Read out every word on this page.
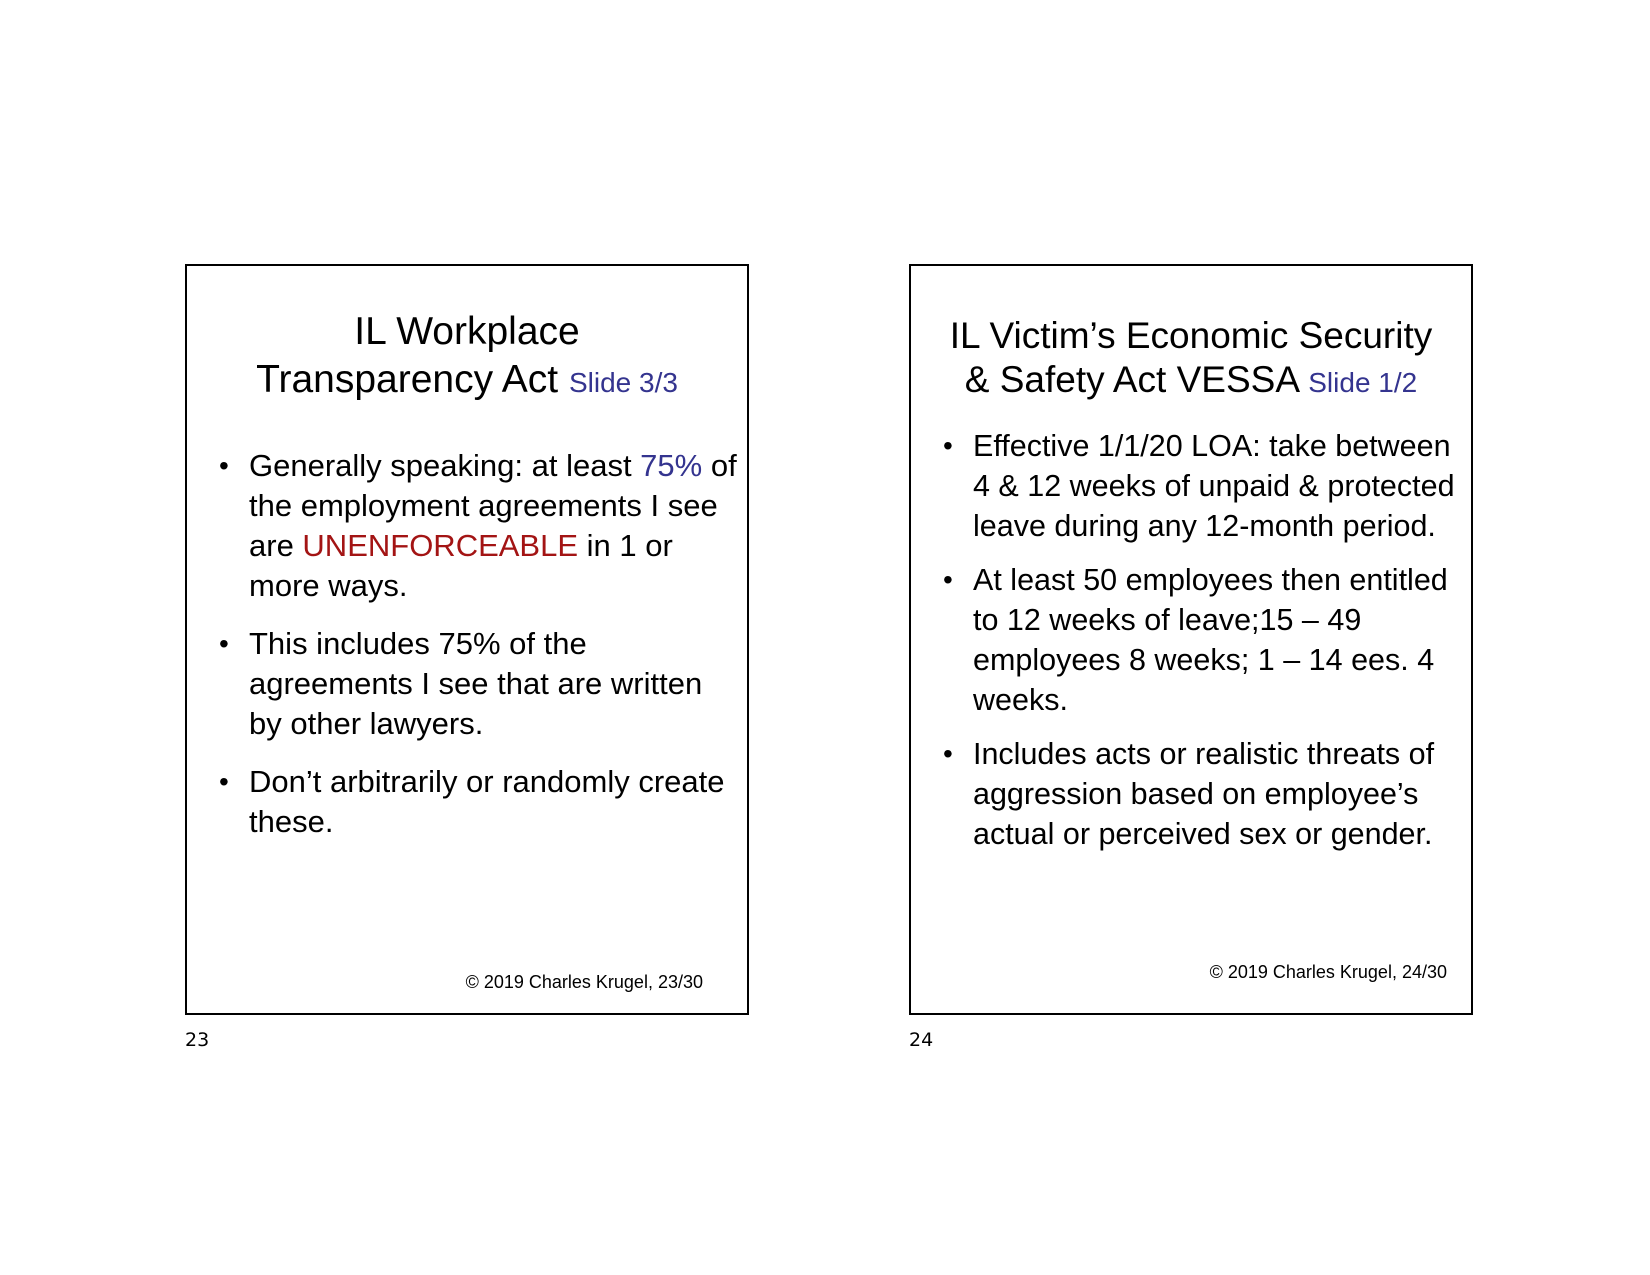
IL Workplace
Transparency Act Slide 3/3
• Generally speaking: at least 75% of the employment agreements I see are UNENFORCEABLE in 1 or more ways.
• This includes 75% of the agreements I see that are written by other lawyers.
• Don’t arbitrarily or randomly create these.
© 2019 Charles Krugel, 23/30
23
IL Victim’s Economic Security
& Safety Act VESSA Slide 1/2
• Effective 1/1/20 LOA: take between 4 & 12 weeks of unpaid & protected leave during any 12-month period.
• At least 50 employees then entitled to 12 weeks of leave;15 – 49 employees 8 weeks; 1 – 14 ees. 4 weeks.
• Includes acts or realistic threats of aggression based on employee’s actual or perceived sex or gender.
© 2019 Charles Krugel, 24/30
24
